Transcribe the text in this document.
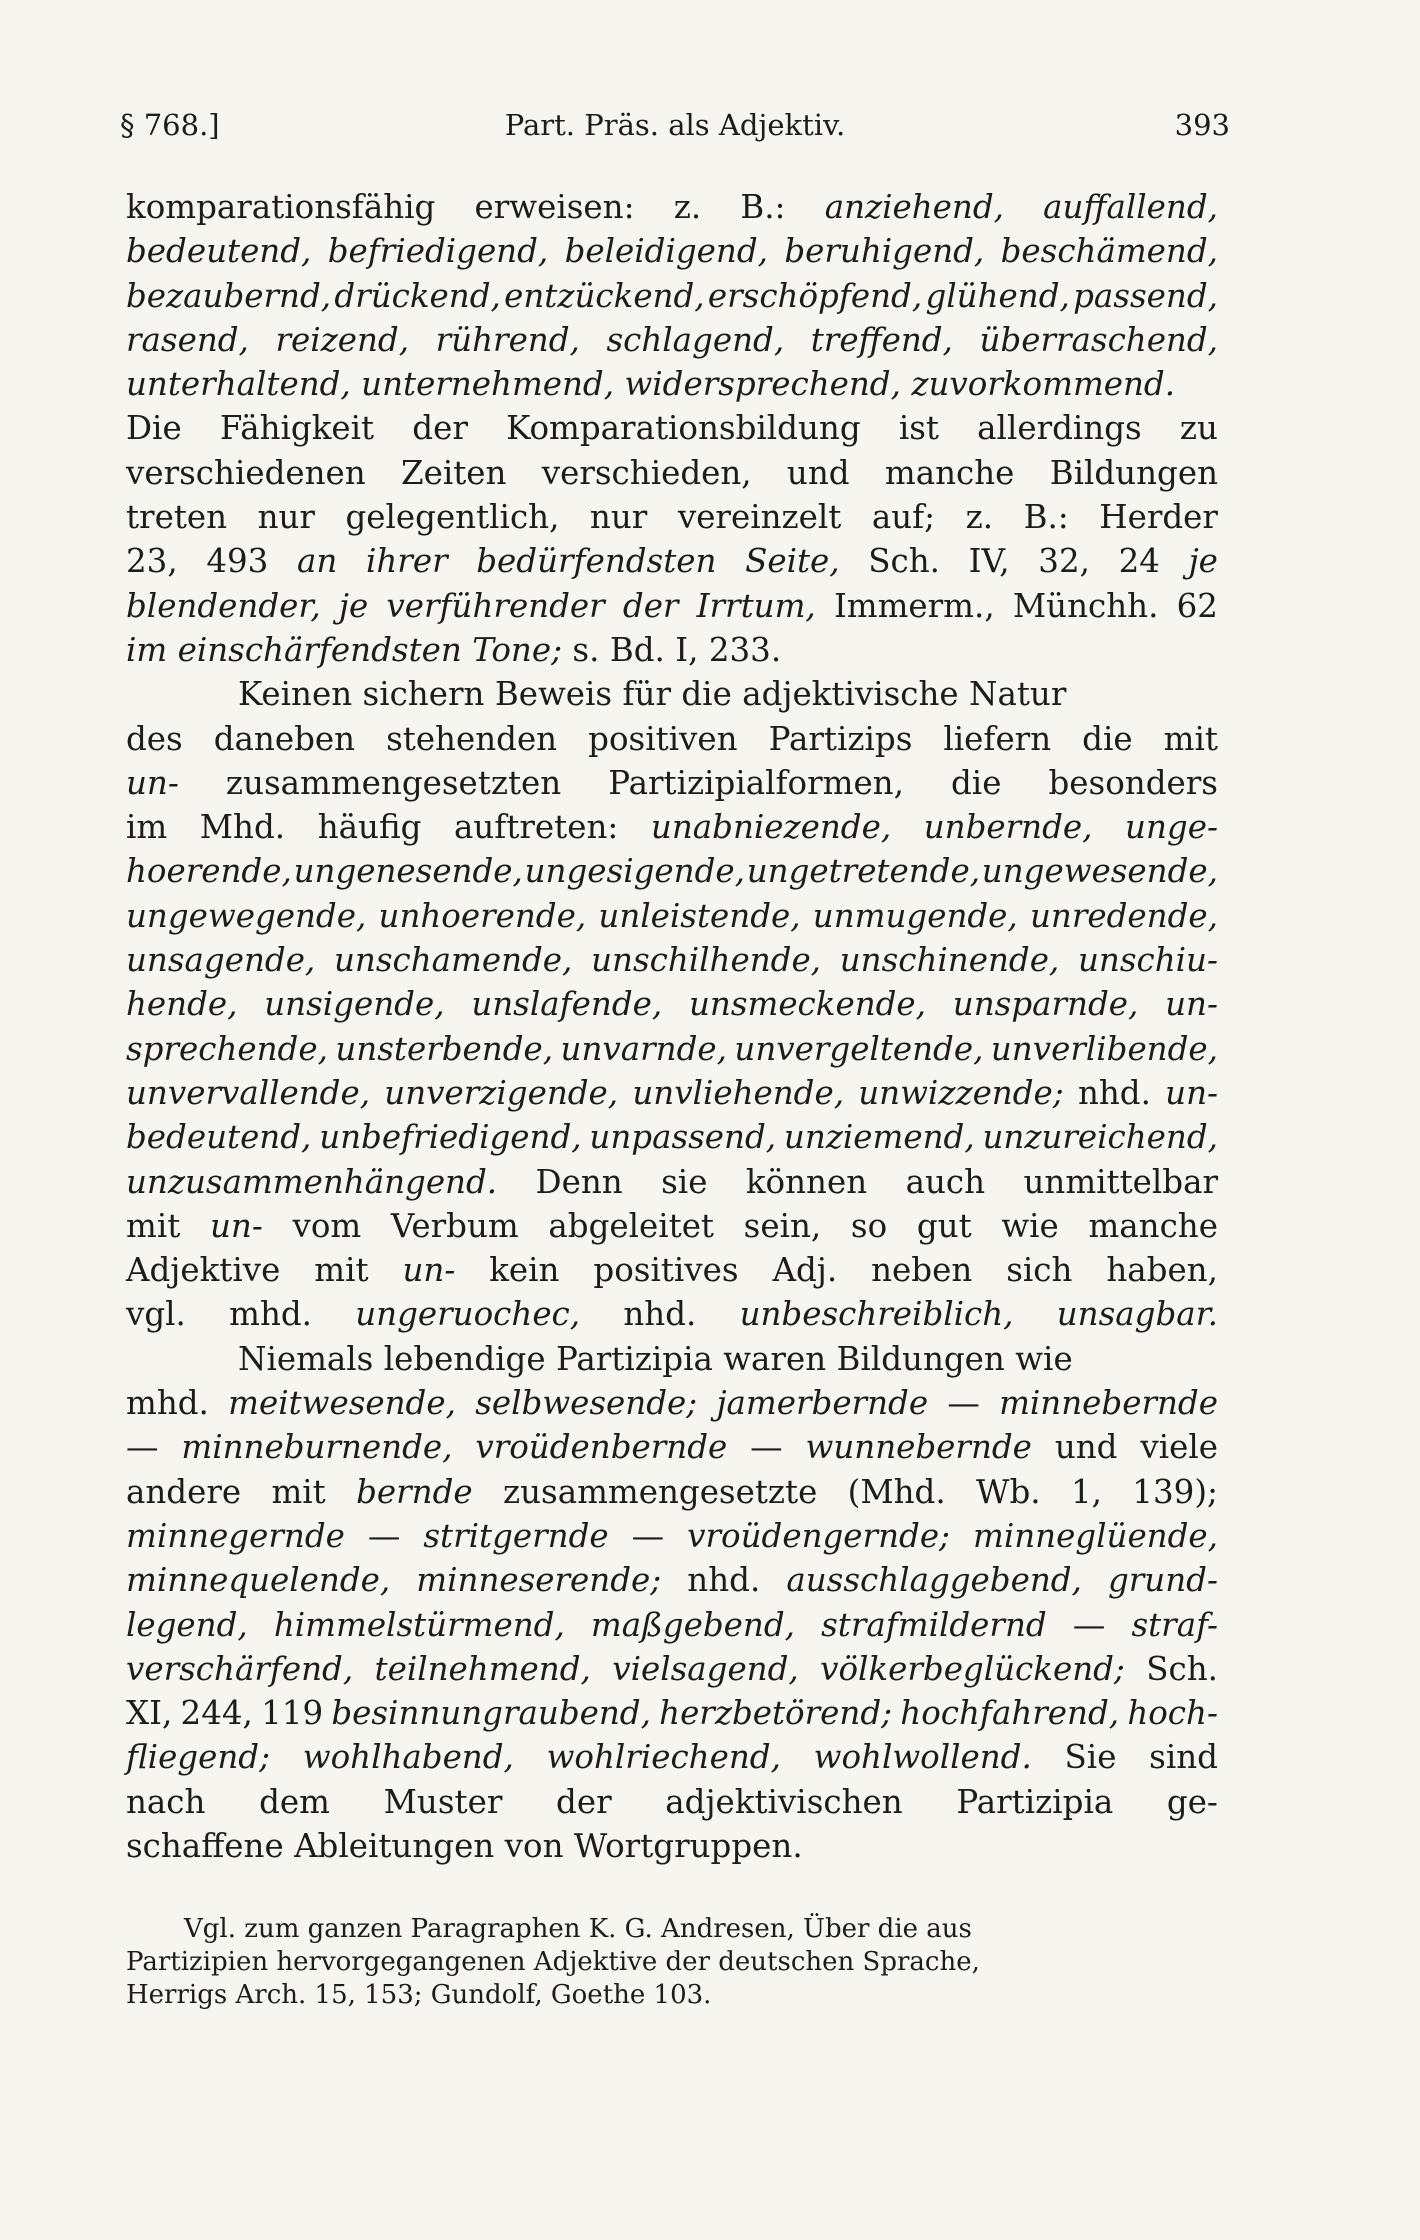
§ 768.]	Part. Präs. als Adjektiv.	393
komparationsfähig erweisen: z. B.: anziehend, auffallend,
bedeutend, befriedigend, beleidigend, beruhigend, beschämend,
bezaubernd, drückend, entzückend, erschöpfend, glühend, passend,
rasend, reizend, rührend, schlagend, treffend, überraschend,
unterhaltend, unternehmend, widersprechend, zuvorkommend.
Die Fähigkeit der Komparationsbildung ist allerdings zu
verschiedenen Zeiten verschieden, und manche Bildungen
treten nur gelegentlich, nur vereinzelt auf; z. B.: Herder
23, 493 an ihrer bedürfendsten Seite, Sch. IV, 32, 24 je
blendender, je verführender der Irrtum, Immerm., Münchh. 62
im einschärfendsten Tone; s. Bd. I, 233.
Keinen sichern Beweis für die adjektivische Natur
des daneben stehenden positiven Partizips liefern die mit
un- zusammengesetzten Partizipialformen, die besonders
im Mhd. häufig auftreten: unabniezende, unbernde, unge-
hoerende, ungenesende, ungesigende, ungetretende, ungewesende,
ungewegende, unhoerende, unleistende, unmugende, unredende,
unsagende, unschamende, unschilhende, unschinende, unschiu-
hende, unsigende, unslafende, unsmeckende, unsparnde, un-
sprechende, unsterbende, unvarnde, unvergeltende, unverlibende,
unvervallende, unverzigende, unvliehende, unwizzende; nhd. un-
bedeutend, unbefriedigend, unpassend, unziemend, unzureichend,
unzusammenhängend. Denn sie können auch unmittelbar
mit un- vom Verbum abgeleitet sein, so gut wie manche
Adjektive mit un- kein positives Adj. neben sich haben,
vgl. mhd. ungeruochec, nhd. unbeschreiblich, unsagbar.
Niemals lebendige Partizipia waren Bildungen wie
mhd. meitwesende, selbwesende; jamerbernde — minnebernde
— minneburnende, vroüdenbernde — wunnebernde und viele
andere mit bernde zusammengesetzte (Mhd. Wb. 1, 139);
minnegernde — stritgernde — vroüdengernde; minneglüende,
minnequelende, minneserende; nhd. ausschlaggebend, grund-
legend, himmelstürmend, maßgebend, strafmildernd — straf-
verschärfend, teilnehmend, vielsagend, völkerbeglückend; Sch.
XI, 244, 119 besinnungraubend, herzbetörend; hochfahrend, hoch-
fliegend; wohlhabend, wohlriechend, wohlwollend. Sie sind
nach dem Muster der adjektivischen Partizipia ge-
schaffene Ableitungen von Wortgruppen.
Vgl. zum ganzen Paragraphen K. G. Andresen, Über die aus
Partizipien hervorgegangenen Adjektive der deutschen Sprache,
Herrigs Arch. 15, 153; Gundolf, Goethe 103.
